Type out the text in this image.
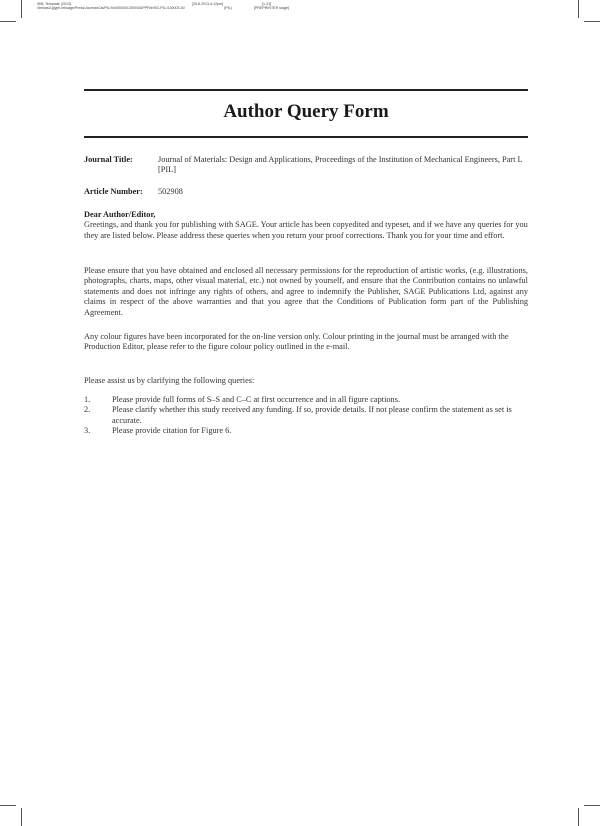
SML Template (2013)
//blrnas3.glyph.int/sage/Press/Journals/Ja/PIL/Vol00000/130003/APPFile/SG-PILJ130003.3d
[26.8.2013-4:12pm]
(PIL)
[1-21]
[PREPRINTER stage]
Author Query Form
Journal Title:	Journal of Materials: Design and Applications, Proceedings of the Institution of Mechanical Engineers, Part L [PIL]
Article Number:	502908

Dear Author/Editor,

Greetings, and thank you for publishing with SAGE. Your article has been copyedited and typeset, and if we have any queries for you they are listed below. Please address these queries when you return your proof corrections. Thank you for your time and effort.

Please ensure that you have obtained and enclosed all necessary permissions for the reproduction of artistic works, (e.g. illustrations, photographs, charts, maps, other visual material, etc.) not owned by yourself, and ensure that the Contribution contains no unlawful statements and does not infringe any rights of others, and agree to indemnify the Publisher, SAGE Publications Ltd, against any claims in respect of the above warranties and that you agree that the Conditions of Publication form part of the Publishing Agreement.

Any colour figures have been incorporated for the on-line version only. Colour printing in the journal must be arranged with the Production Editor, please refer to the figure colour policy outlined in the e-mail.

Please assist us by clarifying the following queries:

1.	Please provide full forms of S–S and C–C at first occurrence and in all figure captions.
2.	Please clarify whether this study received any funding. If so, provide details. If not please confirm the statement as set is accurate.
3.	Please provide citation for Figure 6.
